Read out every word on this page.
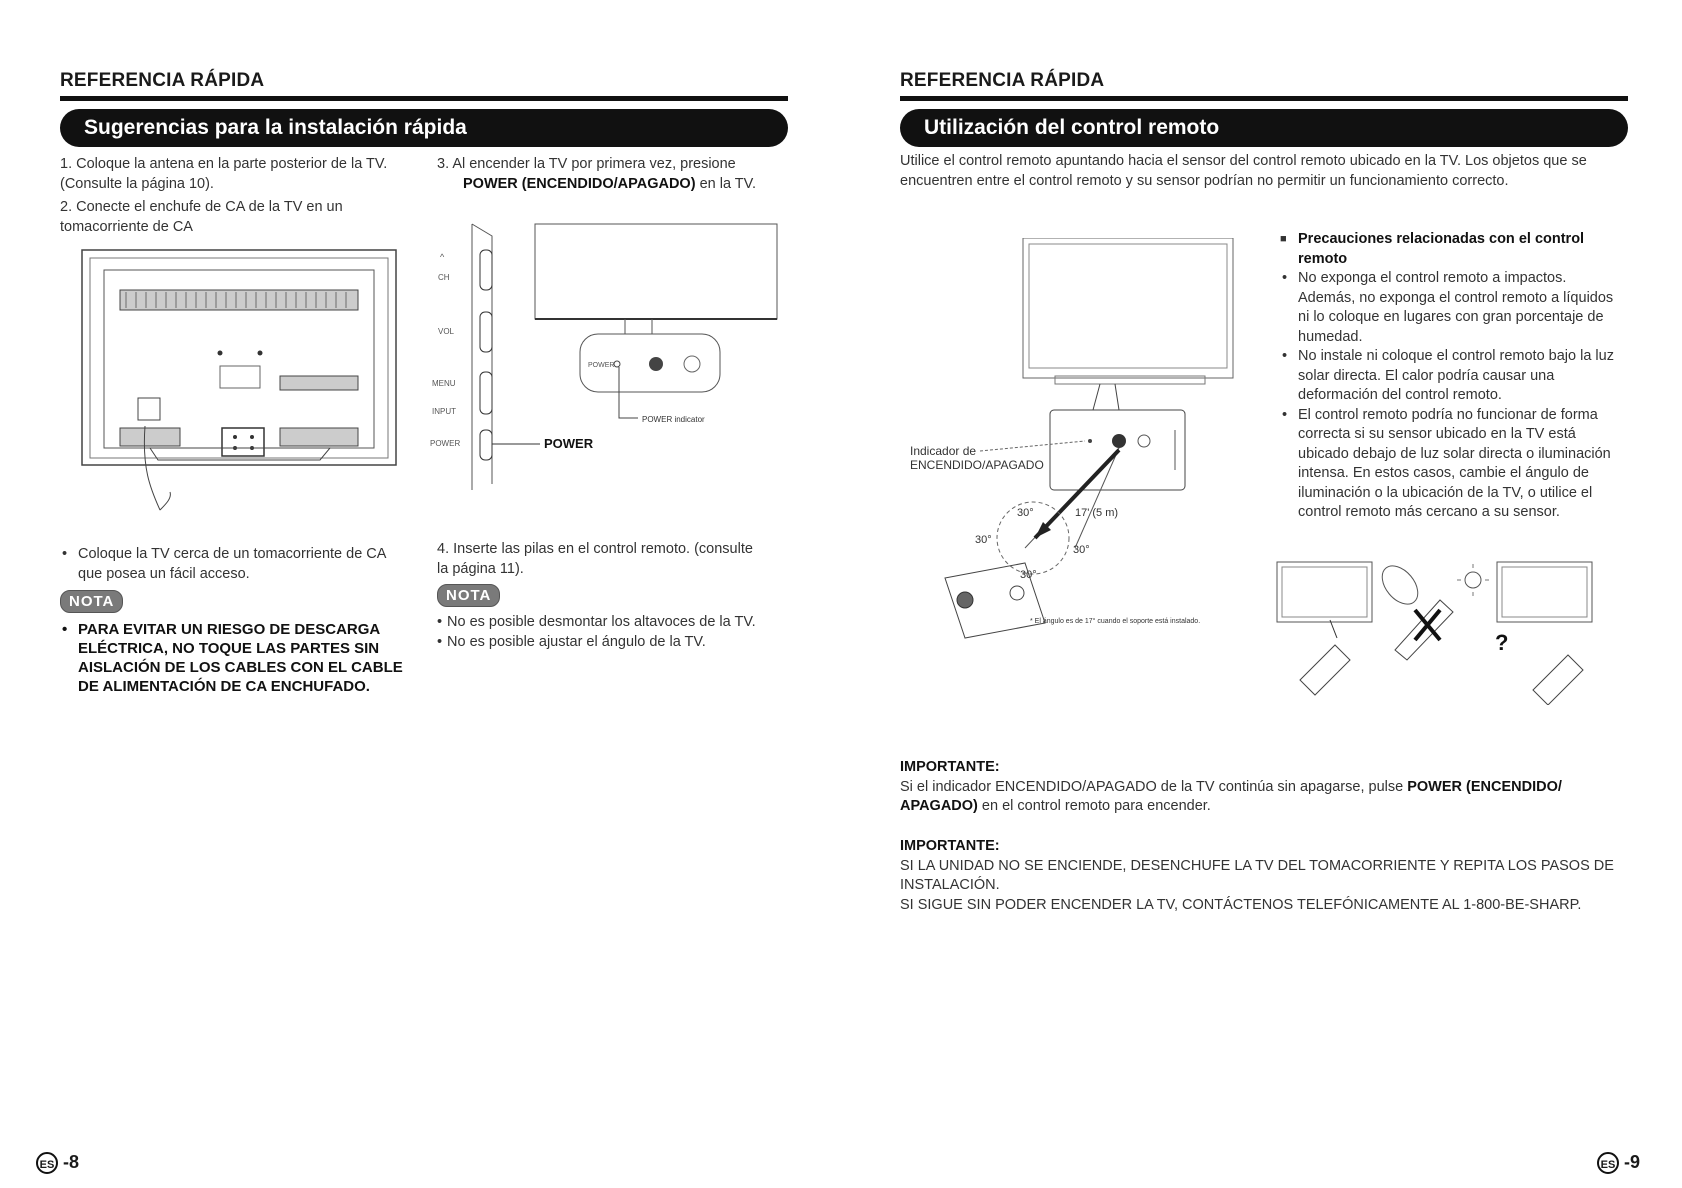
REFERENCIA RÁPIDA
Sugerencias para la instalación rápida
1. Coloque la antena en la parte posterior de la TV. (Consulte la página 10).
2. Conecte el enchufe de CA de la TV en un tomacorriente de CA
3. Al encender la TV por primera vez, presione
POWER (ENCENDIDO/APAGADO) en la TV.
^
CH
VOL
MENU
INPUT
POWER	POWER
POWER
POWER indicator
• Coloque la TV cerca de un tomacorriente de CA que posea un fácil acceso.
NOTA
• PARA EVITAR UN RIESGO DE DESCARGA ELÉCTRICA, NO TOQUE LAS PARTES SIN AISLACIÓN DE LOS CABLES CON EL CABLE DE ALIMENTACIÓN DE CA ENCHUFADO.
4. Inserte las pilas en el control remoto. (consulte la página 11).
NOTA
• No es posible desmontar los altavoces de la TV.
• No es posible ajustar el ángulo de la TV.
ES -8
REFERENCIA RÁPIDA
Utilización del control remoto
Utilice el control remoto apuntando hacia el sensor del control remoto ubicado en la TV. Los objetos que se encuentren entre el control remoto y su sensor podrían no permitir un funcionamiento correcto.
Indicador de
ENCENDIDO/APAGADO
30°
30°
30°
30°
17' (5 m)
* El ángulo es de 17° cuando el soporte está instalado.
■ Precauciones relacionadas con el control remoto
• No exponga el control remoto a impactos. Además, no exponga el control remoto a líquidos ni lo coloque en lugares con gran porcentaje de humedad.
• No instale ni coloque el control remoto bajo la luz solar directa. El calor podría causar una deformación del control remoto.
• El control remoto podría no funcionar de forma correcta si su sensor ubicado en la TV está ubicado debajo de luz solar directa o iluminación intensa. En estos casos, cambie el ángulo de iluminación o la ubicación de la TV, o utilice el control remoto más cercano a su sensor.
?
IMPORTANTE:
Si el indicador ENCENDIDO/APAGADO de la TV continúa sin apagarse, pulse POWER (ENCENDIDO/ APAGADO) en el control remoto para encender.
IMPORTANTE:
SI LA UNIDAD NO SE ENCIENDE, DESENCHUFE LA TV DEL TOMACORRIENTE Y REPITA LOS PASOS DE INSTALACIÓN.
SI SIGUE SIN PODER ENCENDER LA TV, CONTÁCTENOS TELEFÓNICAMENTE AL 1-800-BE-SHARP.
ES -9
